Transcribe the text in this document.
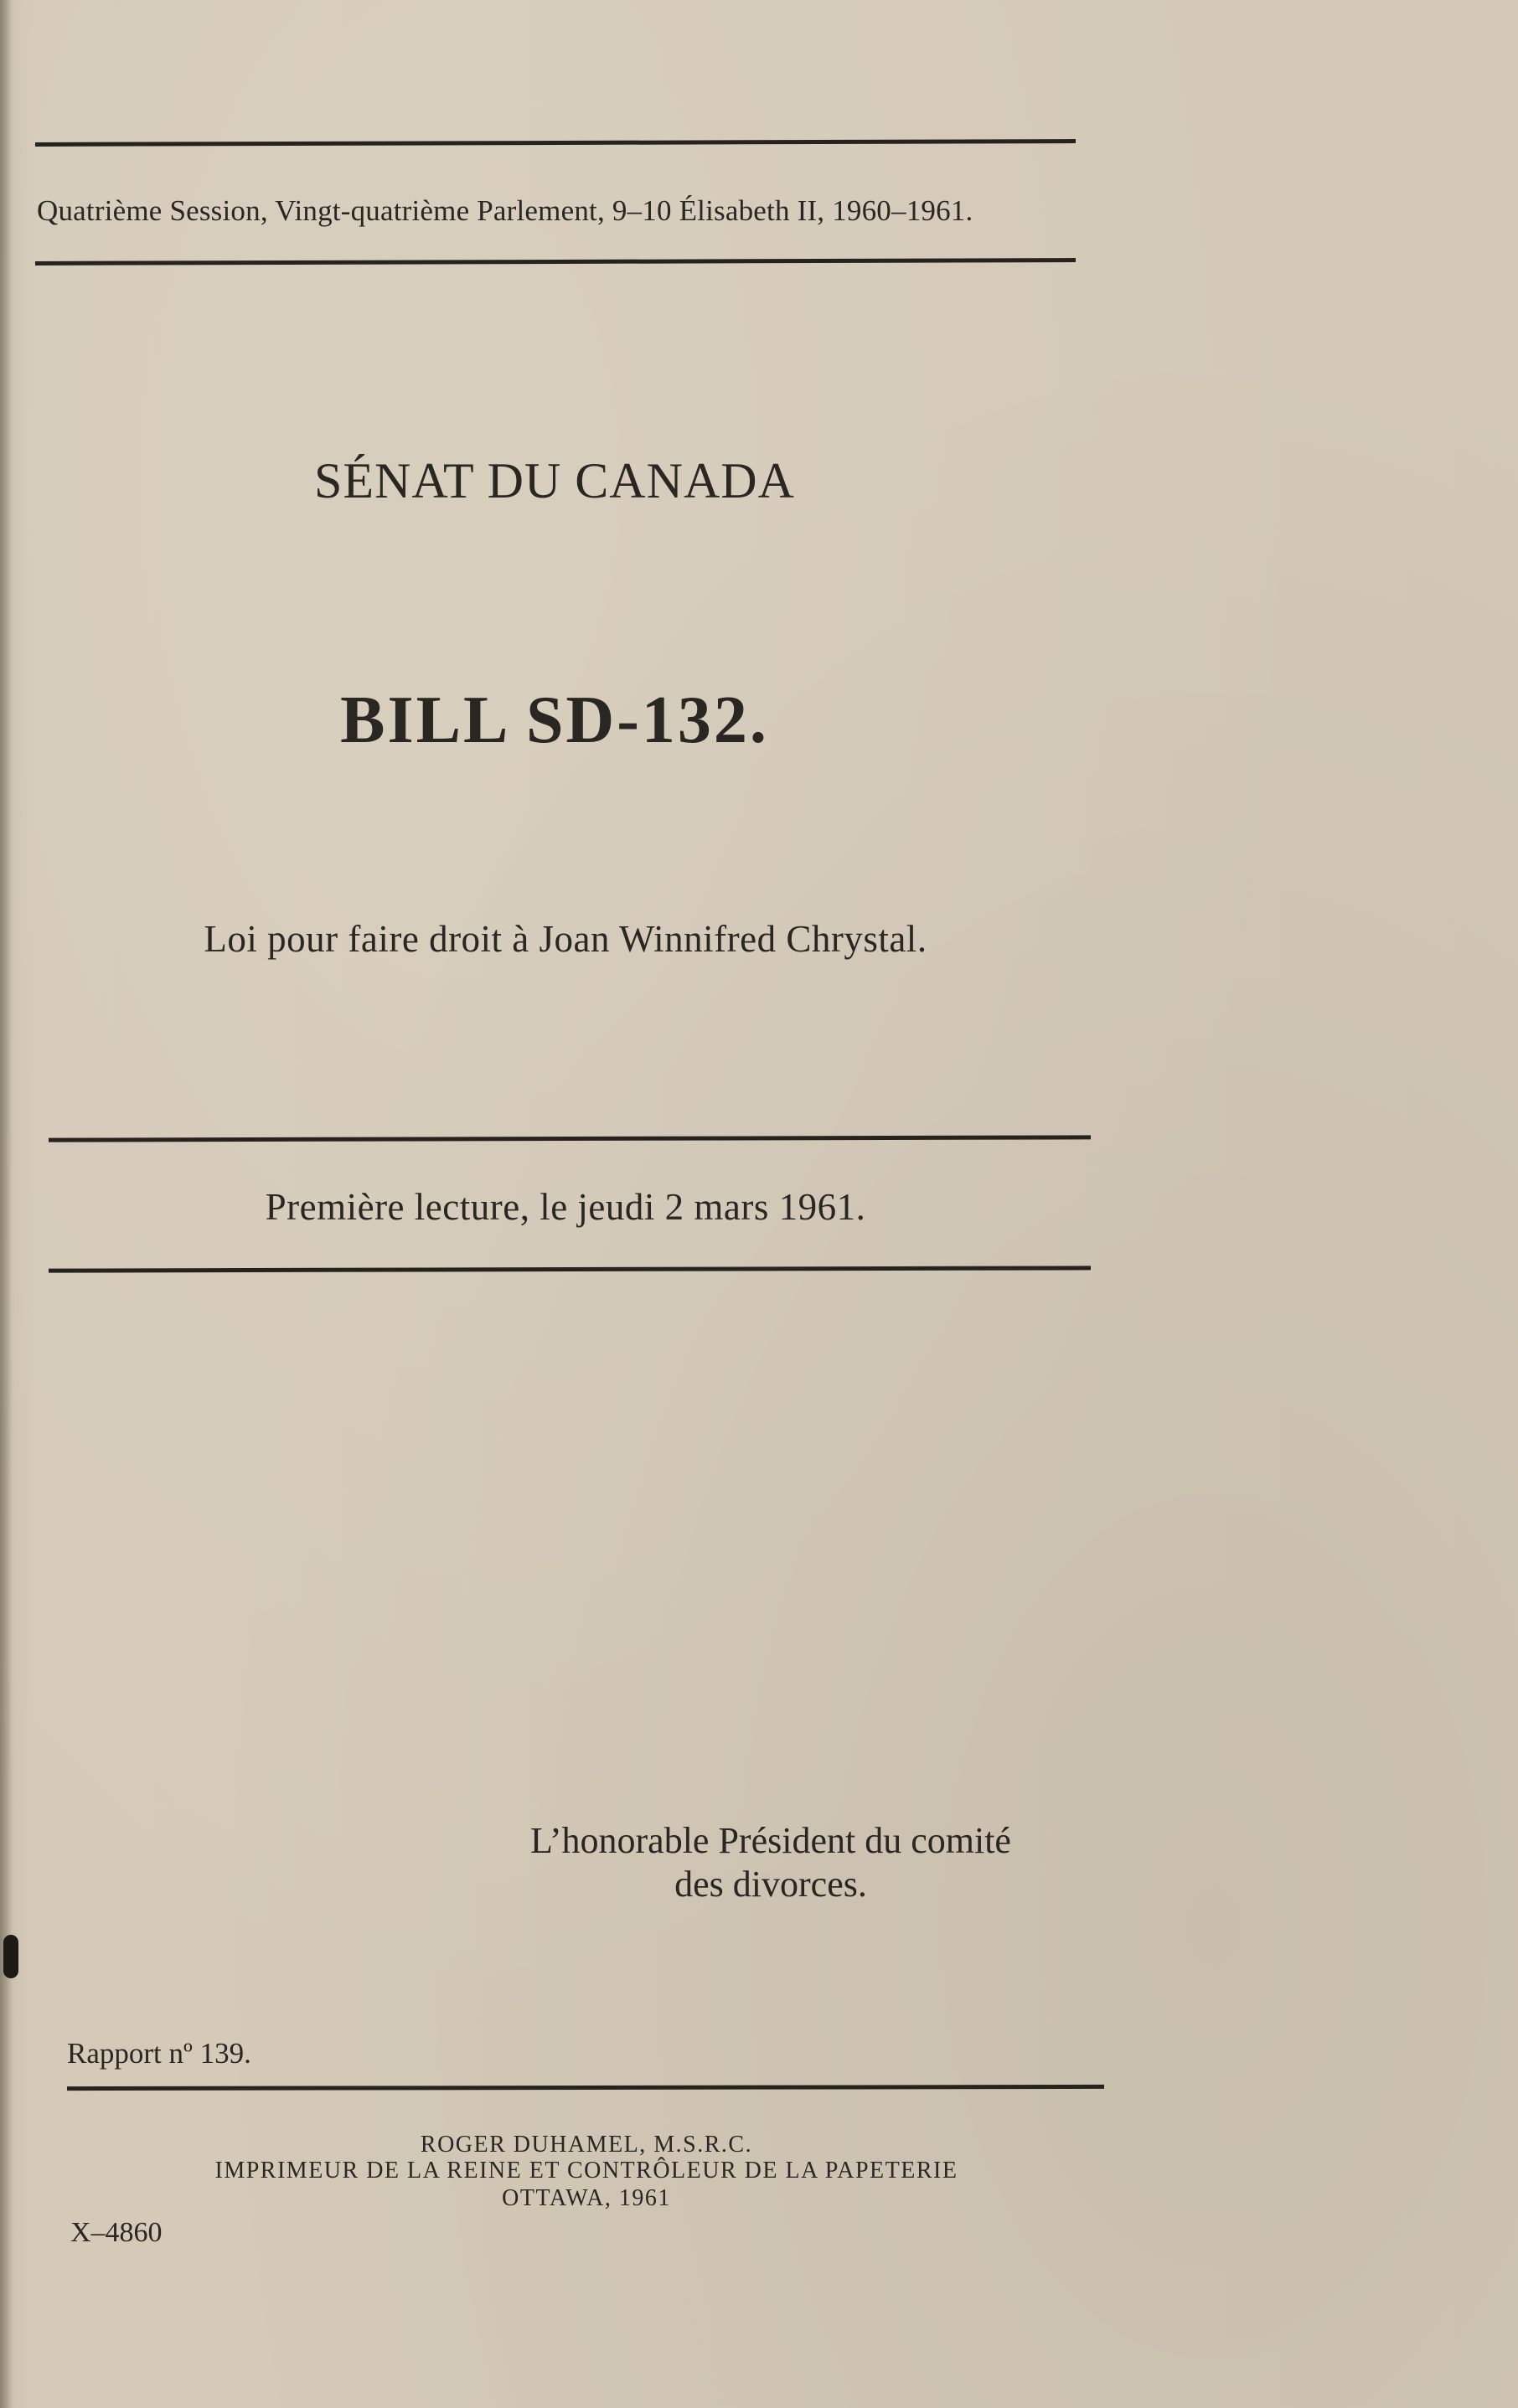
Quatrième Session, Vingt-quatrième Parlement, 9–10 Élisabeth II, 1960–1961.
SÉNAT DU CANADA
BILL SD-132.
Loi pour faire droit à Joan Winnifred Chrystal.
Première lecture, le jeudi 2 mars 1961.
L’honorable Président du comité
des divorces.
Rapport nº 139.
ROGER DUHAMEL, M.S.R.C.
IMPRIMEUR DE LA REINE ET CONTRÔLEUR DE LA PAPETERIE
OTTAWA, 1961
X–4860
